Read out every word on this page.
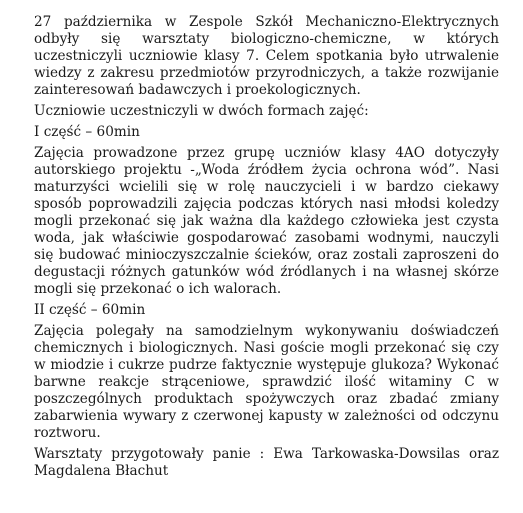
27 października w Zespole Szkół Mechaniczno-Elektrycznych odbyły się warsztaty biologiczno-chemiczne, w których uczestniczyli uczniowie klasy 7. Celem spotkania było utrwalenie wiedzy z zakresu przedmiotów przyrodniczych, a także rozwijanie zainteresowań badawczych i proekologicznych.

Uczniowie uczestniczyli w dwóch formach zajęć:

I część – 60min

Zajęcia prowadzone przez grupę uczniów klasy 4AO dotyczyły autorskiego projektu -„Woda źródłem życia ochrona wód”. Nasi maturzyści wcielili się w rolę nauczycieli i w bardzo ciekawy sposób poprowadzili zajęcia podczas których nasi młodsi koledzy mogli przekonać się jak ważna dla każdego człowieka jest czysta woda, jak właściwie gospodarować zasobami wodnymi, nauczyli się budować minioczyszczalnie ścieków, oraz zostali zaproszeni do degustacji różnych gatunków wód źródlanych i na własnej skórze mogli się przekonać o ich walorach.

II część – 60min

Zajęcia polegały na samodzielnym wykonywaniu doświadczeń chemicznych i biologicznych. Nasi goście mogli przekonać się czy w miodzie i cukrze pudrze faktycznie występuje glukoza? Wykonać barwne reakcje strąceniowe, sprawdzić ilość witaminy C w poszczególnych produktach spożywczych oraz zbadać zmiany zabarwienia wywary z czerwonej kapusty w zależności od odczynu roztworu.

Warsztaty przygotowały panie : Ewa Tarkowaska-Dowsilas oraz Magdalena Błachut
